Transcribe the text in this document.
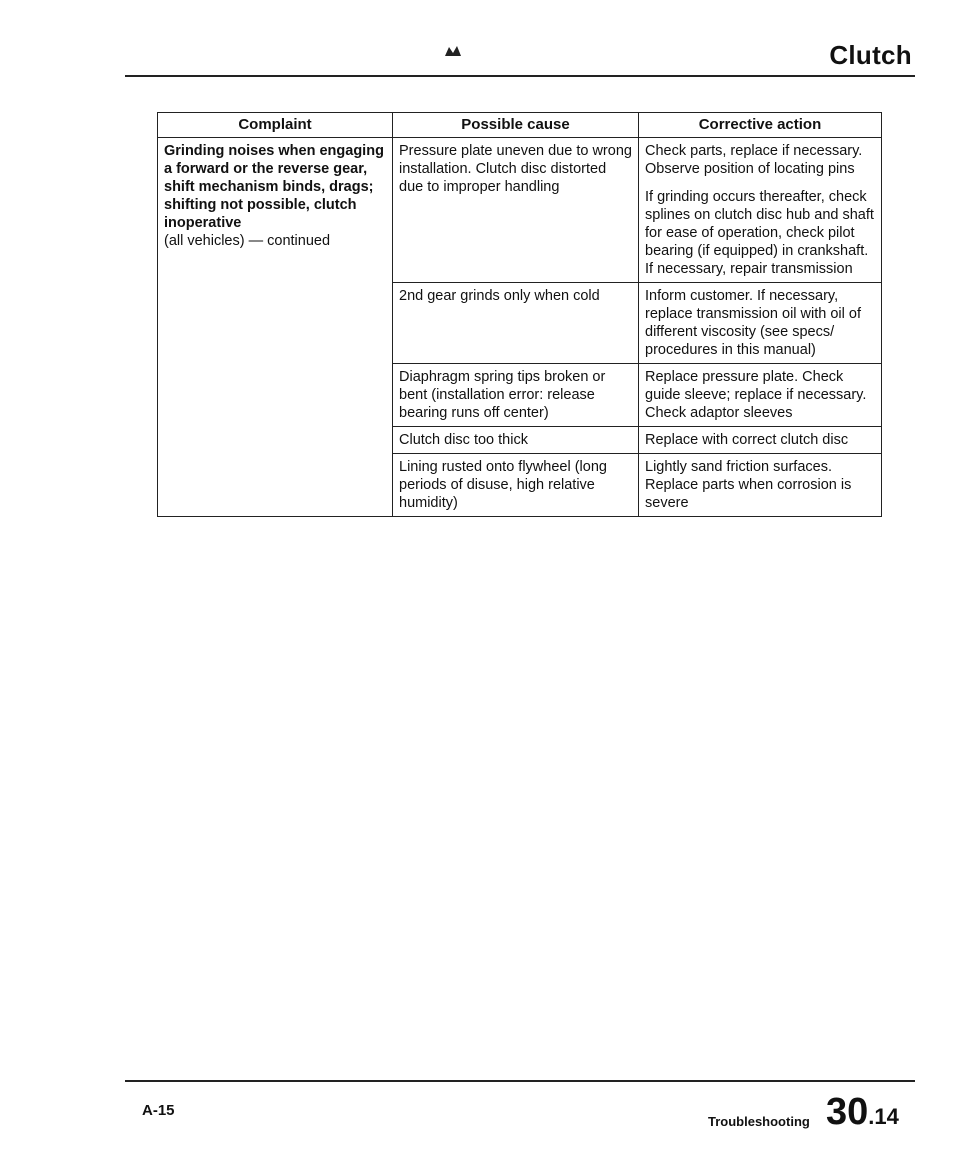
Clutch
Complaint	Possible cause	Corrective action

Grinding noises when engaging a forward or the reverse gear, shift mechanism binds, drags; shifting not possible, clutch inoperative
(all vehicles) — continued	Pressure plate uneven due to wrong installation. Clutch disc distorted due to improper handling	Check parts, replace if necessary. Observe position of locating pins
If grinding occurs thereafter, check splines on clutch disc hub and shaft for ease of operation, check pilot bearing (if equipped) in crankshaft. If necessary, repair transmission

	2nd gear grinds only when cold	Inform customer. If necessary, replace transmission oil with oil of different viscosity (see specs/ procedures in this manual)

	Diaphragm spring tips broken or bent (installation error: release bearing runs off center)	Replace pressure plate. Check guide sleeve; replace if necessary. Check adaptor sleeves

	Clutch disc too thick	Replace with correct clutch disc

	Lining rusted onto flywheel (long periods of disuse, high relative humidity)	Lightly sand friction surfaces. Replace parts when corrosion is severe
A-15
Troubleshooting 30.14
